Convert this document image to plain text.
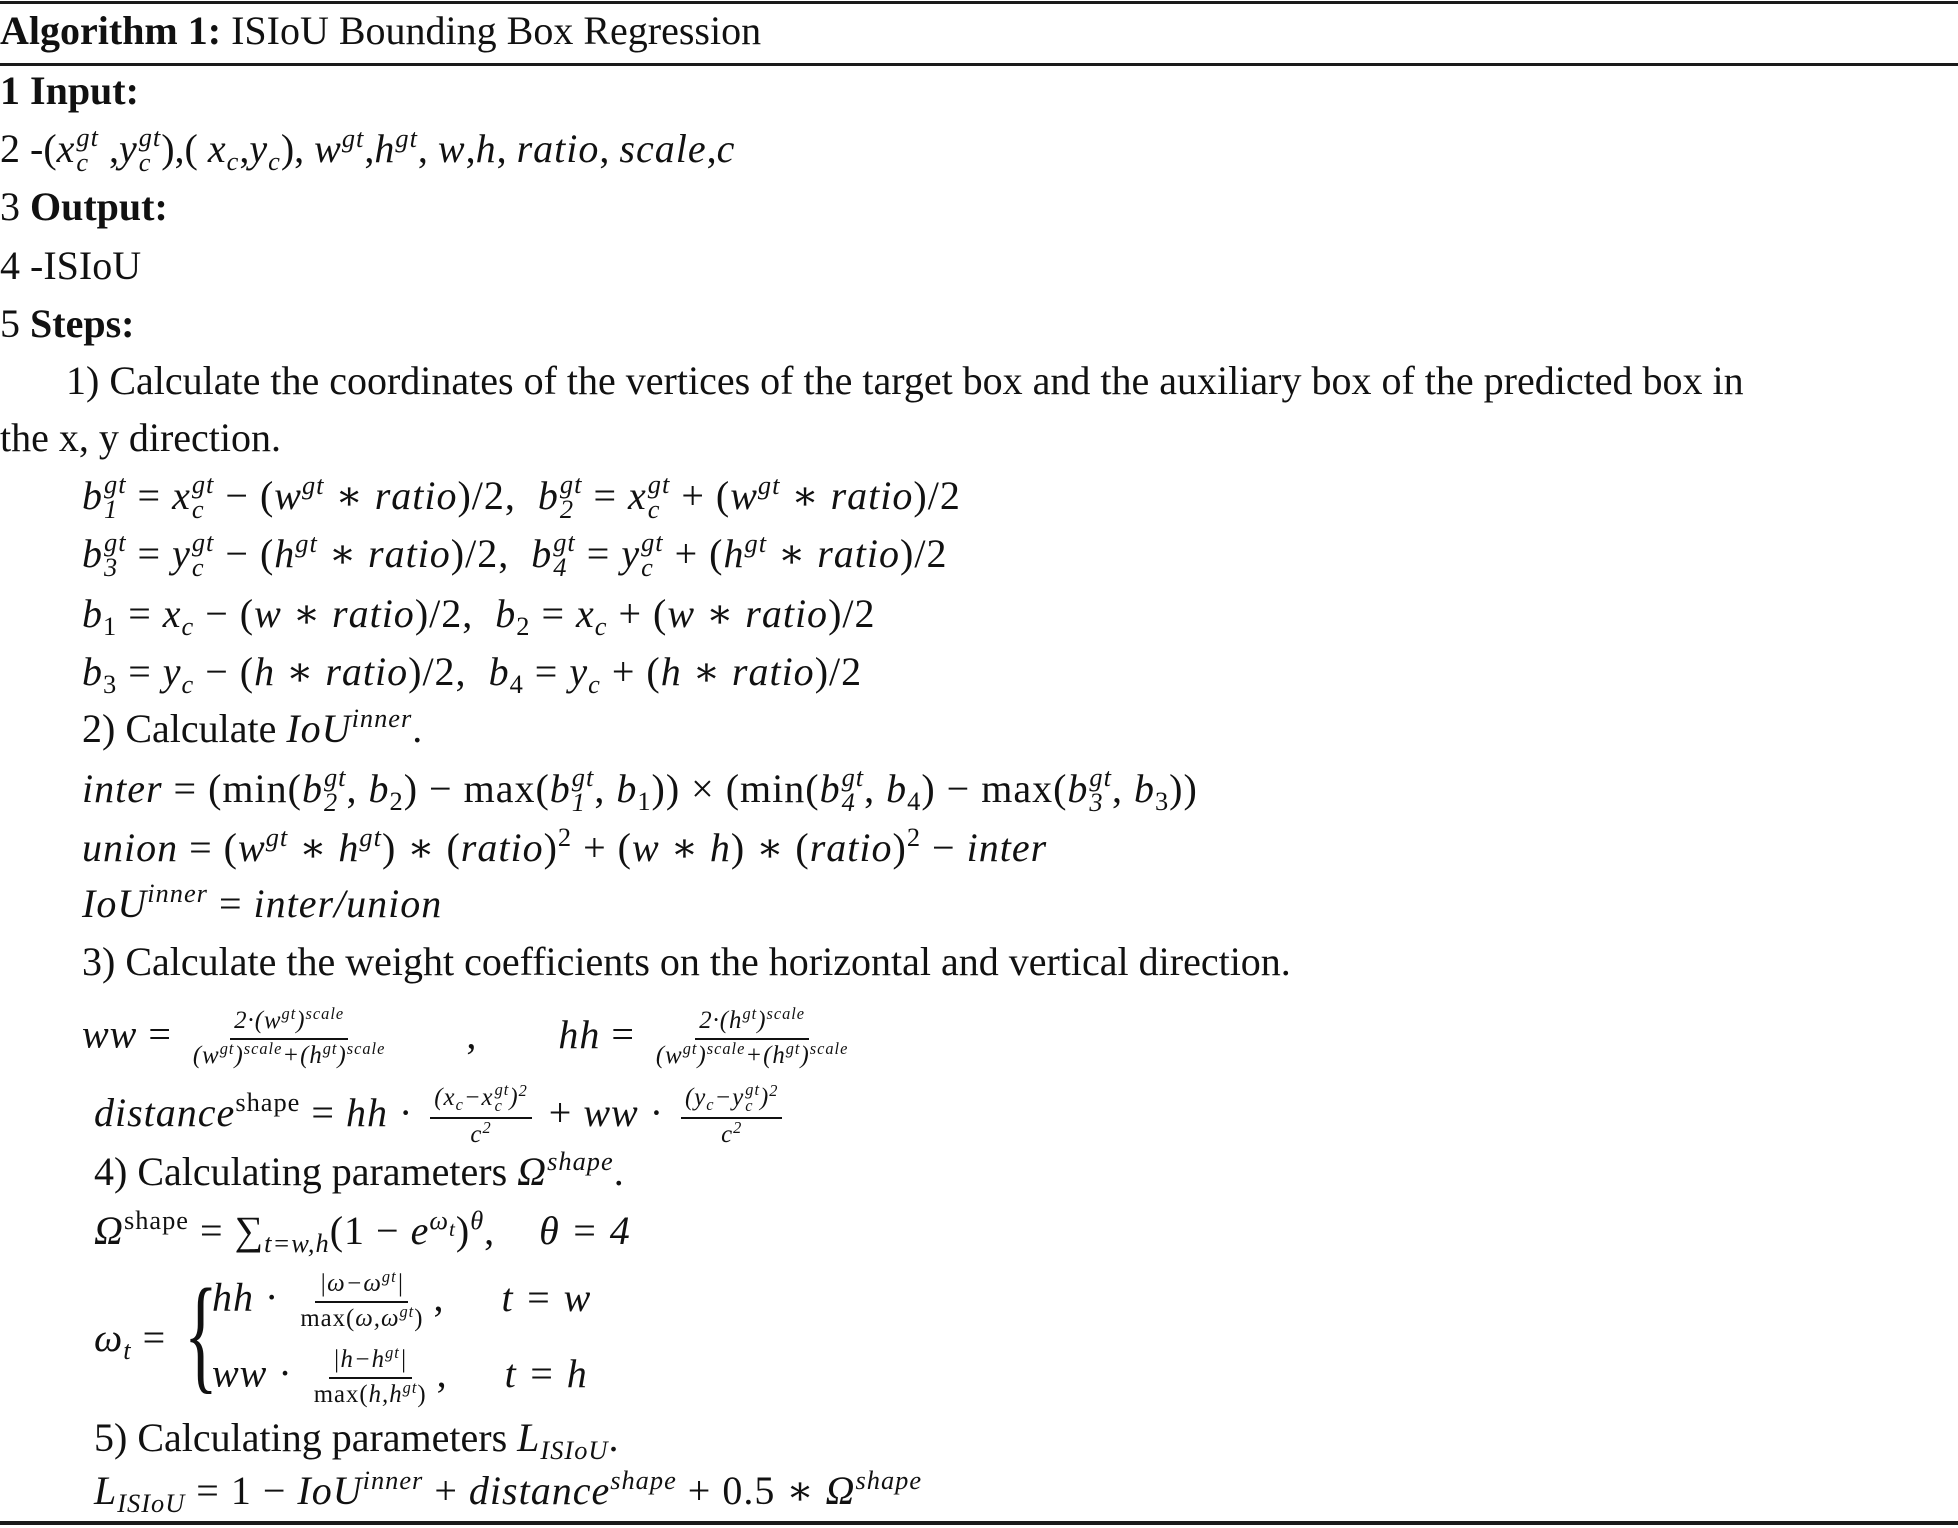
Algorithm 1: ISIoU Bounding Box Regression
1 Input:
2 -(x gt
c ,y gt
c ),( $x_c,y_c$), $w^{gt},h^{gt}$, w,h, ratio, scale,c
3 Output:
4 -ISIoU
5 Steps:
1) Calculate the coordinates of the vertices of the target box and the auxiliary box of the predicted box in
the x, y direction.
b gt
1 = x gt
$c - (w^{gt}$ ∗ ratio)/2,  b gt
2 = x gt
$c + (w^{gt}$ ∗ ratio)/2
b gt
3 = y gt
$c - (h^{gt}$ ∗ ratio)/2,  b gt
4 = y gt
$c + (h^{gt}$ ∗ ratio)/2
$b_1 = x_c - (w$ ∗ ratio)/2,  $b_2 = x_c + (w$ ∗ ratio)/2
$b_3 = y_c - (h$ ∗ ratio)/2,  $b_4 = y_c + (h$ ∗ ratio)/2
2) Calculate IoU$^{inner}$.
inter = (min(b gt
2 , $b_2) - \max(b$ gt
1 , $b_1)) \times (\min(b$ gt
4 , $b_4) - \max(b$ gt
3 , $b_3$))
union = ($w^{gt}$ ∗ $h^{gt}$) ∗ (ratio)$^2$ + (w ∗ h) ∗ (ratio)$^2$ − inter
IoU$^{inner}$ = inter/union
3) Calculate the weight coefficients on the horizontal and vertical direction.
ww = $\frac{2\cdot(w^{gt})^{scale}}{(w^{gt})^{scale}+(h^{gt})^{scale}}$ , hh = $\frac{2\cdot(h^{gt})^{scale}}{(w^{gt})^{scale}+(h^{gt})^{scale}}$
distance$^{shape}$ = hh · ($x_c-x$ gt
c )$^2$
$c^2$ + ww · ($y_c-y$ gt
c )$^2$
$c^2$
4) Calculating parameters $\Omega^{shape}$.
$\Omega^{shape} = \sum_{t=w,h}(1 - e^{\omega_t})^\theta$, θ = 4
$\omega_t$ = {
hh · $\frac{|\omega-\omega^{gt}|}{\max(\omega,\omega^{gt})}$ , t = w
ww · $\frac{|h-h^{gt}|}{\max(h,h^{gt})}$ , t = h
5) Calculating parameters $L_{ISIoU}$.
$L_{ISIoU} = 1 - IoU^{inner}$ + distance$^{shape}$ + 0.5 ∗ $\Omega^{shape}$
